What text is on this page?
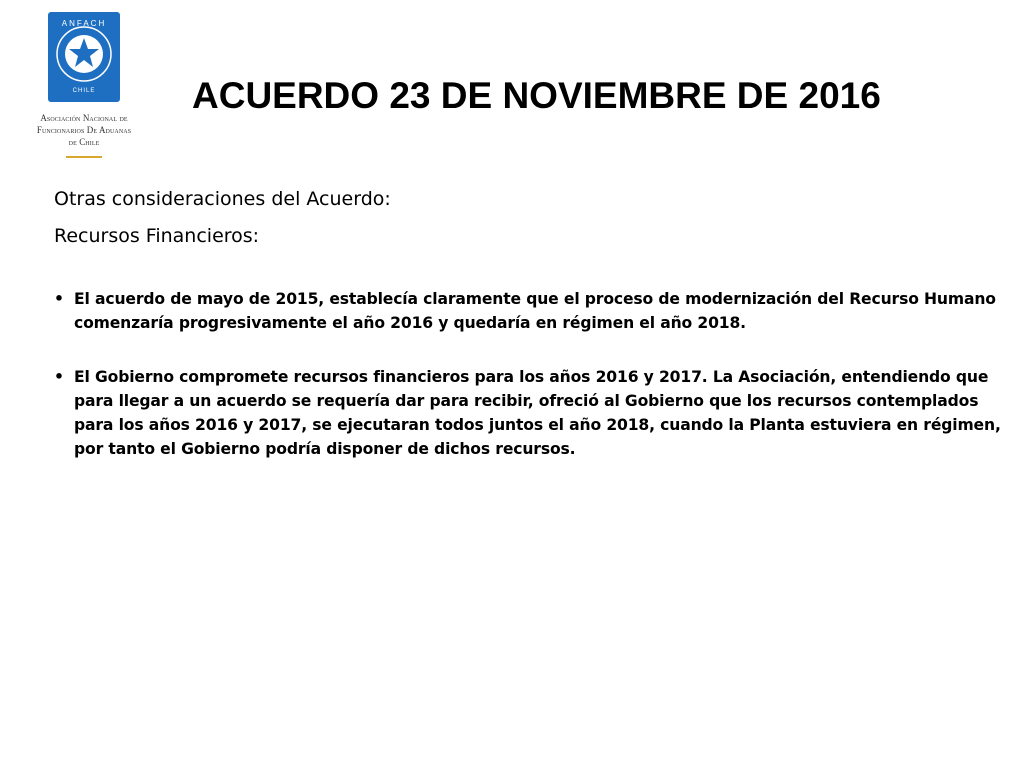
ANFACH
CHILE
Asociación Nacional de
Funcionarios De Aduanas
de Chile
ACUERDO 23 DE NOVIEMBRE DE 2016
Otras consideraciones del Acuerdo:
Recursos Financieros:
• El acuerdo de mayo de 2015, establecía claramente que el proceso de modernización del Recurso Humano comenzaría progresivamente el año 2016 y quedaría en régimen el año 2018.
• El Gobierno compromete recursos financieros para los años 2016 y 2017. La Asociación, entendiendo que para llegar a un acuerdo se requería dar para recibir, ofreció al Gobierno que los recursos contemplados para los años 2016 y 2017, se ejecutaran todos juntos el año 2018, cuando la Planta estuviera en régimen, por tanto el Gobierno podría disponer de dichos recursos.
